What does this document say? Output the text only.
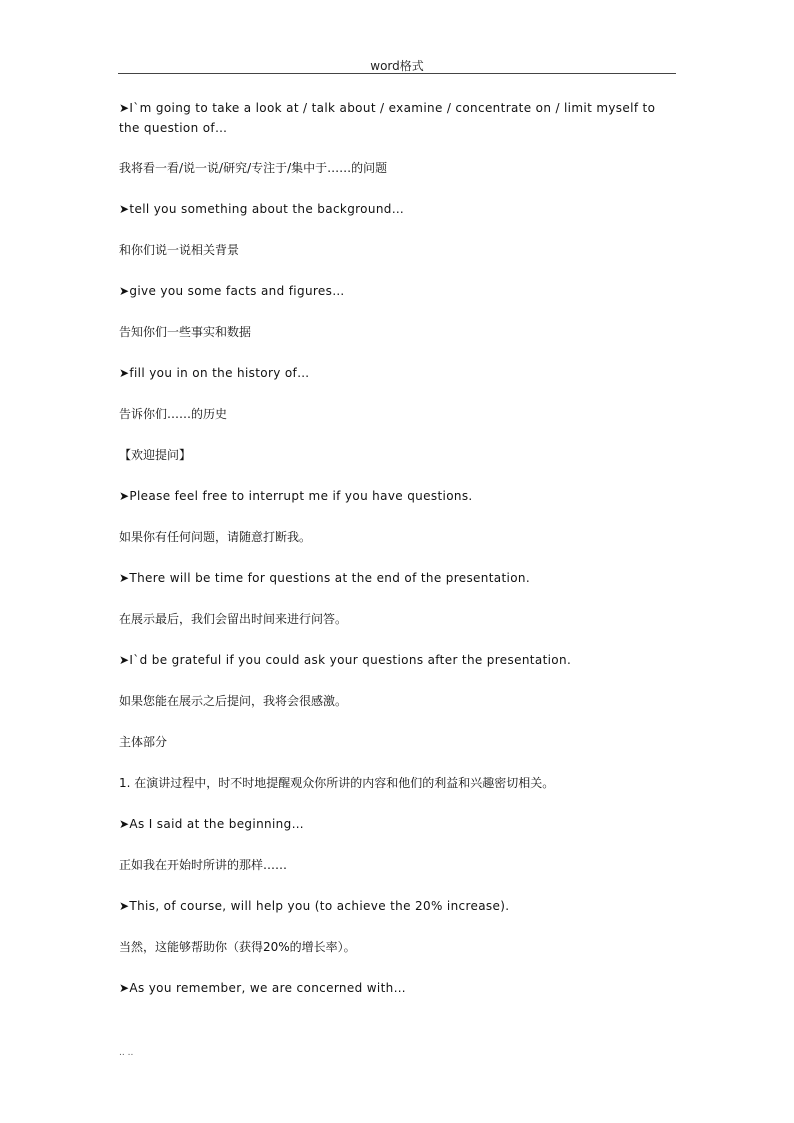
word格式

➤I`m going to take a look at / talk about / examine / concentrate on / limit myself to the question of…

我将看一看/说一说/研究/专注于/集中于……的问题

➤tell you something about the background…

和你们说一说相关背景

➤give you some facts and figures…

告知你们一些事实和数据

➤fill you in on the history of…

告诉你们……的历史

【欢迎提问】

➤Please feel free to interrupt me if you have questions.

如果你有任何问题，请随意打断我。

➤There will be time for questions at the end of the presentation.

在展示最后，我们会留出时间来进行问答。

➤I`d be grateful if you could ask your questions after the presentation.

如果您能在展示之后提问，我将会很感激。

主体部分

1. 在演讲过程中，时不时地提醒观众你所讲的内容和他们的利益和兴趣密切相关。

➤As I said at the beginning…

正如我在开始时所讲的那样……

➤This, of course, will help you (to achieve the 20% increase).

当然，这能够帮助你（获得20%的增长率）。

➤As you remember, we are concerned with…

.. ..
